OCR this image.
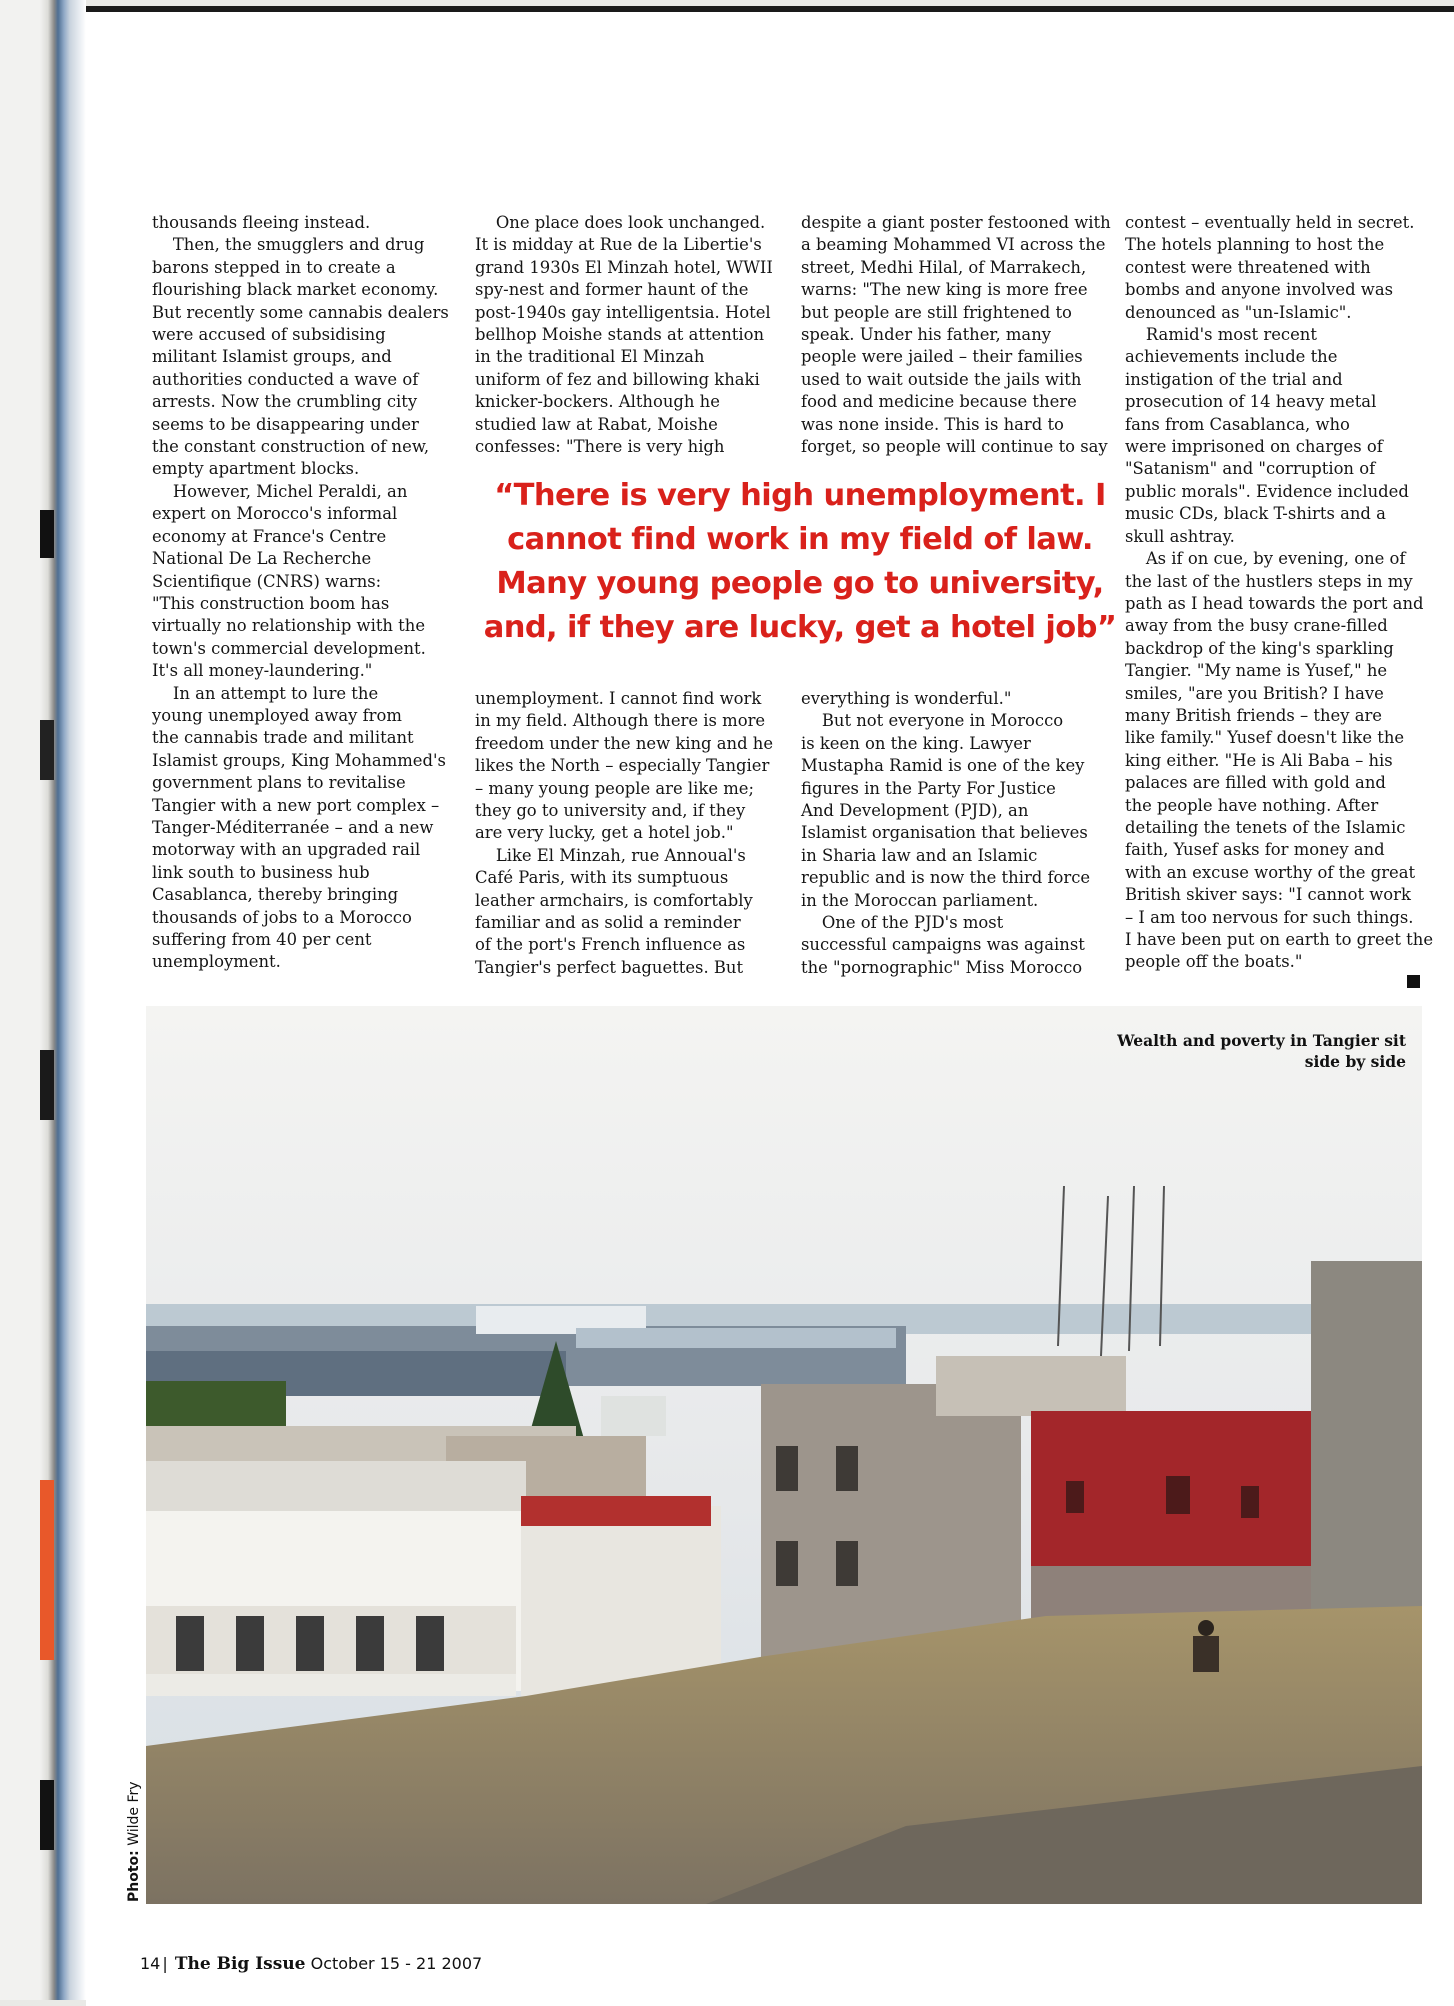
thousands fleeing instead.
Then, the smugglers and drug
barons stepped in to create a
flourishing black market economy.
But recently some cannabis dealers
were accused of subsidising
militant Islamist groups, and
authorities conducted a wave of
arrests. Now the crumbling city
seems to be disappearing under
the constant construction of new,
empty apartment blocks.
However, Michel Peraldi, an
expert on Morocco's informal
economy at France's Centre
National De La Recherche
Scientifique (CNRS) warns:
"This construction boom has
virtually no relationship with the
town's commercial development.
It's all money-laundering."
In an attempt to lure the
young unemployed away from
the cannabis trade and militant
Islamist groups, King Mohammed's
government plans to revitalise
Tangier with a new port complex –
Tanger-Méditerranée – and a new
motorway with an upgraded rail
link south to business hub
Casablanca, thereby bringing
thousands of jobs to a Morocco
suffering from 40 per cent
unemployment.
One place does look unchanged.
It is midday at Rue de la Libertie's
grand 1930s El Minzah hotel, WWII
spy-nest and former haunt of the
post-1940s gay intelligentsia. Hotel
bellhop Moishe stands at attention
in the traditional El Minzah
uniform of fez and billowing khaki
knicker-bockers. Although he
studied law at Rabat, Moishe
confesses: "There is very high
unemployment. I cannot find work
in my field. Although there is more
freedom under the new king and he
likes the North – especially Tangier
– many young people are like me;
they go to university and, if they
are very lucky, get a hotel job."
Like El Minzah, rue Annoual's
Café Paris, with its sumptuous
leather armchairs, is comfortably
familiar and as solid a reminder
of the port's French influence as
Tangier's perfect baguettes. But
despite a giant poster festooned with
a beaming Mohammed VI across the
street, Medhi Hilal, of Marrakech,
warns: "The new king is more free
but people are still frightened to
speak. Under his father, many
people were jailed – their families
used to wait outside the jails with
food and medicine because there
was none inside. This is hard to
forget, so people will continue to say
everything is wonderful."
But not everyone in Morocco
is keen on the king. Lawyer
Mustapha Ramid is one of the key
figures in the Party For Justice
And Development (PJD), an
Islamist organisation that believes
in Sharia law and an Islamic
republic and is now the third force
in the Moroccan parliament.
One of the PJD's most
successful campaigns was against
the "pornographic" Miss Morocco
contest – eventually held in secret.
The hotels planning to host the
contest were threatened with
bombs and anyone involved was
denounced as "un-Islamic".
Ramid's most recent
achievements include the
instigation of the trial and
prosecution of 14 heavy metal
fans from Casablanca, who
were imprisoned on charges of
"Satanism" and "corruption of
public morals". Evidence included
music CDs, black T-shirts and a
skull ashtray.
As if on cue, by evening, one of
the last of the hustlers steps in my
path as I head towards the port and
away from the busy crane-filled
backdrop of the king's sparkling
Tangier. "My name is Yusef," he
smiles, "are you British? I have
many British friends – they are
like family." Yusef doesn't like the
king either. "He is Ali Baba – his
palaces are filled with gold and
the people have nothing. After
detailing the tenets of the Islamic
faith, Yusef asks for money and
with an excuse worthy of the great
British skiver says: "I cannot work
– I am too nervous for such things.
I have been put on earth to greet the
people off the boats."
“There is very high unemployment. I cannot find work in my field of law. Many young people go to university, and, if they are lucky, get a hotel job”
Wealth and poverty in Tangier sit side by side
Photo: Wilde Fry
14 | The Big Issue October 15 - 21 2007
